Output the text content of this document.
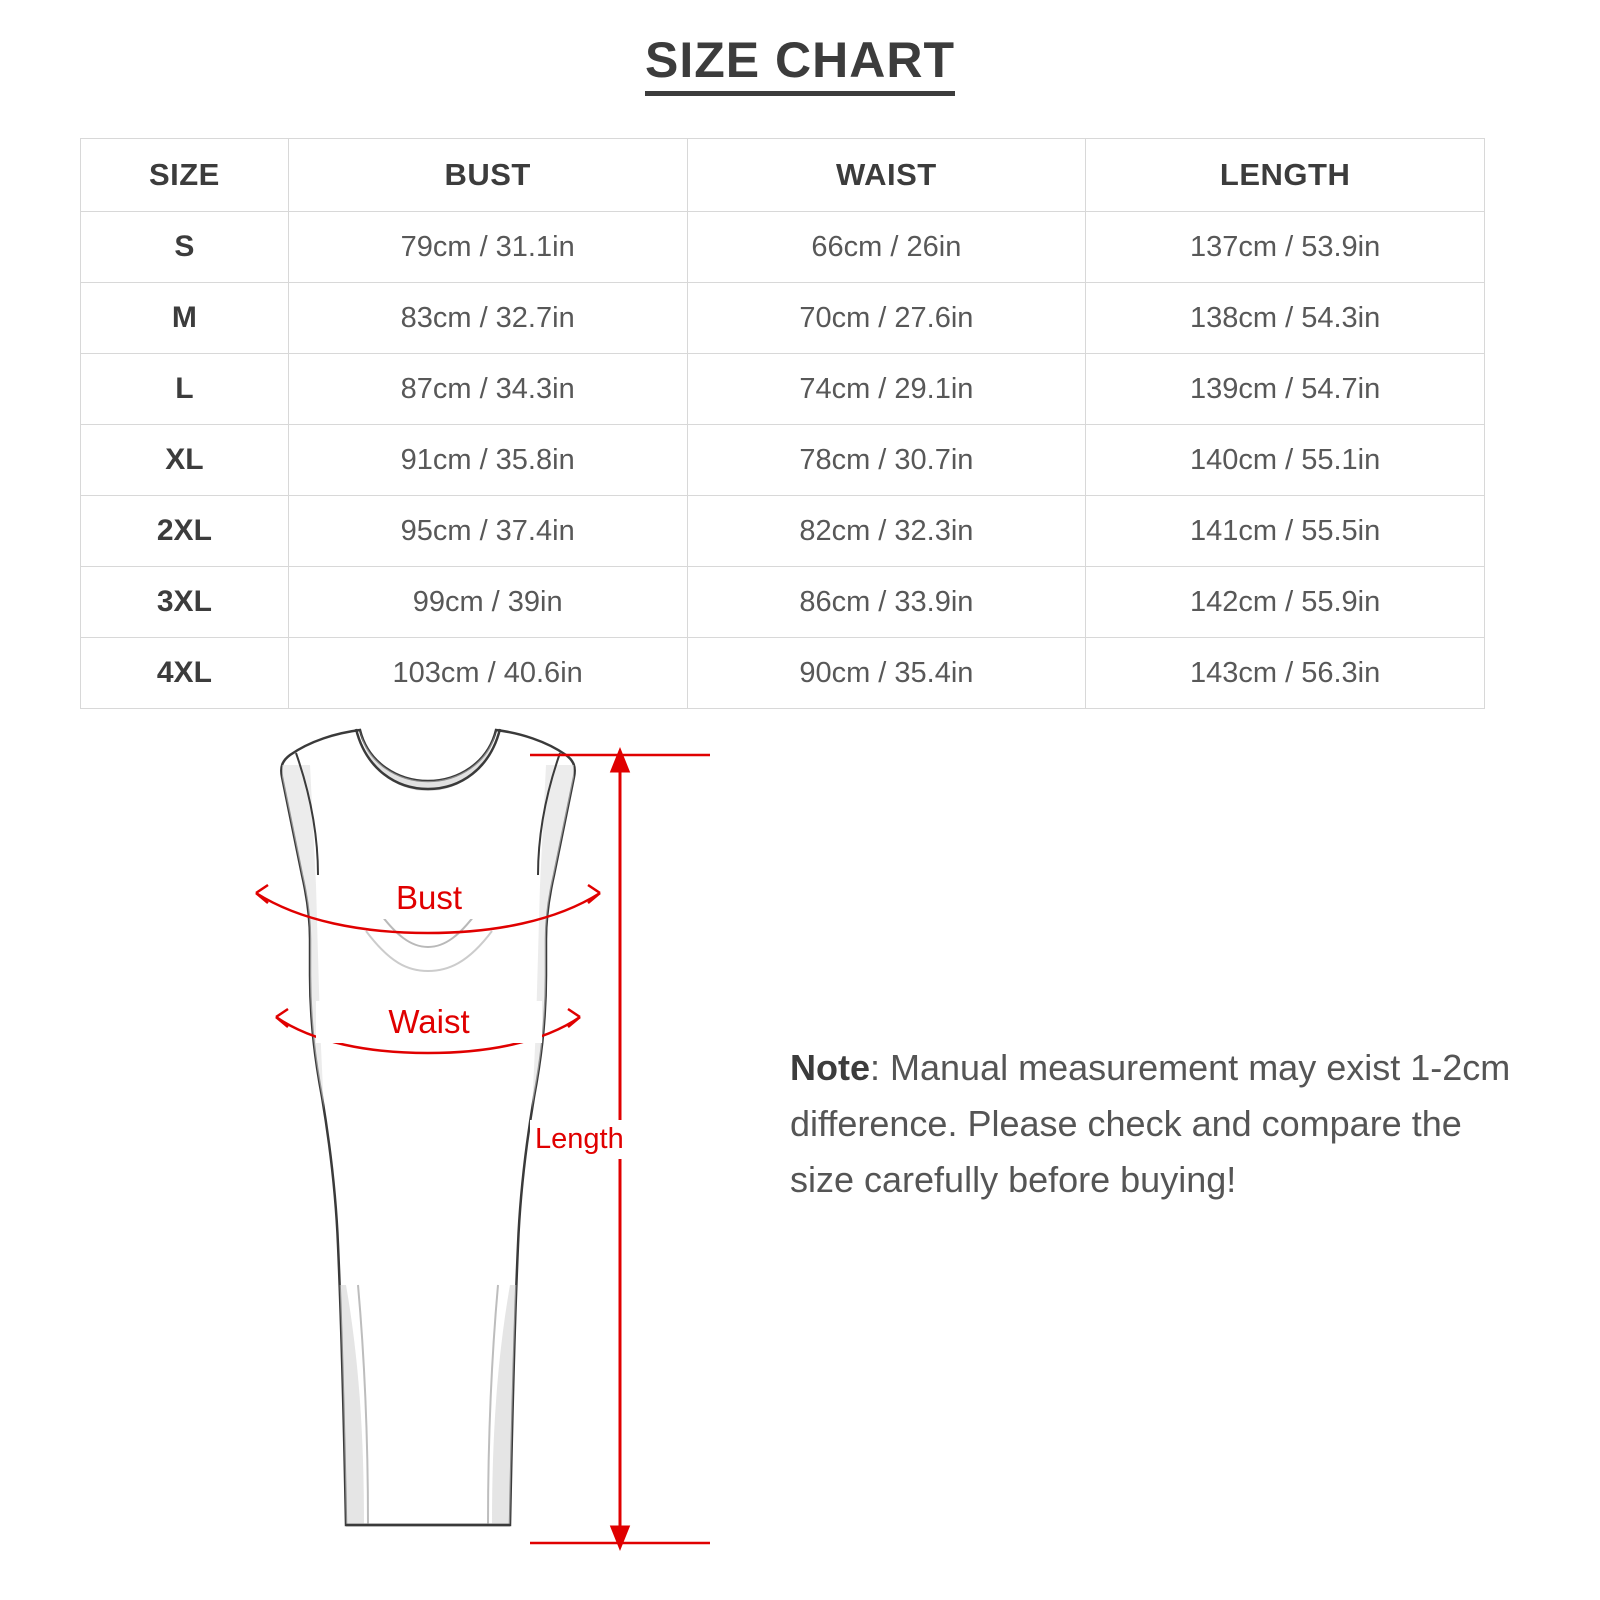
SIZE CHART
SIZE	BUST	WAIST	LENGTH
S	79cm / 31.1in	66cm / 26in	137cm / 53.9in
M	83cm / 32.7in	70cm / 27.6in	138cm / 54.3in
L	87cm / 34.3in	74cm / 29.1in	139cm / 54.7in
XL	91cm / 35.8in	78cm / 30.7in	140cm / 55.1in
2XL	95cm / 37.4in	82cm / 32.3in	141cm / 55.5in
3XL	99cm / 39in	86cm / 33.9in	142cm / 55.9in
4XL	103cm / 40.6in	90cm / 35.4in	143cm / 56.3in
Bust
Waist
Length
Note: Manual measurement may exist 1-2cm difference. Please check and compare the size carefully before buying!
